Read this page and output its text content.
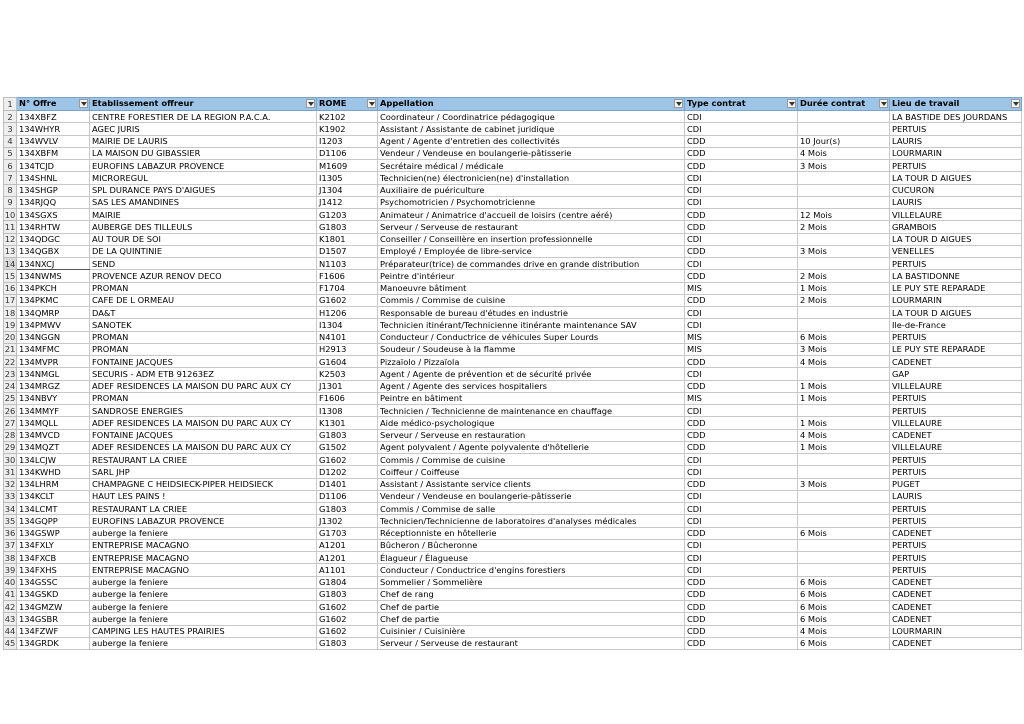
1	N° Offre	Etablissement offreur	ROME	Appellation	Type contrat	Durée contrat	Lieu de travail

2	134XBFZ	CENTRE FORESTIER DE LA REGION P.A.C.A.	K2102	Coordinateur / Coordinatrice pédagogique	CDI		LA BASTIDE DES JOURDANS
3	134WHYR	AGEC JURIS	K1902	Assistant / Assistante de cabinet juridique	CDI		PERTUIS
4	134WVLV	MAIRIE DE LAURIS	I1203	Agent / Agente d'entretien des collectivités	CDD	10 Jour(s)	LAURIS
5	134XBFM	LA MAISON DU GIBASSIER	D1106	Vendeur / Vendeuse en boulangerie-pâtisserie	CDD	4 Mois	LOURMARIN
6	134TCJD	EUROFINS LABAZUR PROVENCE	M1609	Secrétaire médical / médicale	CDD	3 Mois	PERTUIS
7	134SHNL	MICROREGUL	I1305	Technicien(ne) électronicien(ne) d'installation	CDI		LA TOUR D AIGUES
8	134SHGP	SPL DURANCE PAYS D'AIGUES	J1304	Auxiliaire de puériculture	CDI		CUCURON
9	134RJQQ	SAS LES AMANDINES	J1412	Psychomotricien / Psychomotricienne	CDI		LAURIS
10	134SGXS	MAIRIE	G1203	Animateur / Animatrice d'accueil de loisirs (centre aéré)	CDD	12 Mois	VILLELAURE
11	134RHTW	AUBERGE DES TILLEULS	G1803	Serveur / Serveuse de restaurant	CDD	2 Mois	GRAMBOIS
12	134QDGC	AU TOUR DE SOI	K1801	Conseiller / Conseillère en insertion professionnelle	CDI		LA TOUR D AIGUES
13	134QGBX	DE LA QUINTINIE	D1507	Employé / Employée de libre-service	CDD	3 Mois	VENELLES
14	134NXCJ	SEND	N1103	Préparateur(trice) de commandes drive en grande distribution	CDI		PERTUIS
15	134NWMS	PROVENCE AZUR RENOV DECO	F1606	Peintre d'intérieur	CDD	2 Mois	LA BASTIDONNE
16	134PKCH	PROMAN	F1704	Manoeuvre bâtiment	MIS	1 Mois	LE PUY STE REPARADE
17	134PKMC	CAFE DE L ORMEAU	G1602	Commis / Commise de cuisine	CDD	2 Mois	LOURMARIN
18	134QMRP	DA&T	H1206	Responsable de bureau d'études en industrie	CDI		LA TOUR D AIGUES
19	134PMWV	SANOTEK	I1304	Technicien itinérant/Technicienne itinérante maintenance SAV	CDI		Ile-de-France
20	134NGGN	PROMAN	N4101	Conducteur / Conductrice de véhicules Super Lourds	MIS	6 Mois	PERTUIS
21	134MFMC	PROMAN	H2913	Soudeur / Soudeuse à la flamme	MIS	3 Mois	LE PUY STE REPARADE
22	134MVPR	FONTAINE JACQUES	G1604	Pizzaïolo / Pizzaïola	CDD	4 Mois	CADENET
23	134NMGL	SECURIS - ADM ETB 91263EZ	K2503	Agent / Agente de prévention et de sécurité privée	CDI		GAP
24	134MRGZ	ADEF RESIDENCES LA MAISON DU PARC AUX CY	J1301	Agent / Agente des services hospitaliers	CDD	1 Mois	VILLELAURE
25	134NBVY	PROMAN	F1606	Peintre en bâtiment	MIS	1 Mois	PERTUIS
26	134MMYF	SANDROSE ENERGIES	I1308	Technicien / Technicienne de maintenance en chauffage	CDI		PERTUIS
27	134MQLL	ADEF RESIDENCES LA MAISON DU PARC AUX CY	K1301	Aide médico-psychologique	CDD	1 Mois	VILLELAURE
28	134MVCD	FONTAINE JACQUES	G1803	Serveur / Serveuse en restauration	CDD	4 Mois	CADENET
29	134MQZT	ADEF RESIDENCES LA MAISON DU PARC AUX CY	G1502	Agent polyvalent / Agente polyvalente d'hôtellerie	CDD	1 Mois	VILLELAURE
30	134LCJW	RESTAURANT LA CRIEE	G1602	Commis / Commise de cuisine	CDI		PERTUIS
31	134KWHD	SARL JHP	D1202	Coiffeur / Coiffeuse	CDI		PERTUIS
32	134LHRM	CHAMPAGNE C HEIDSIECK-PIPER HEIDSIECK	D1401	Assistant / Assistante service clients	CDD	3 Mois	PUGET
33	134KCLT	HAUT LES PAINS !	D1106	Vendeur / Vendeuse en boulangerie-pâtisserie	CDI		LAURIS
34	134LCMT	RESTAURANT LA CRIEE	G1803	Commis / Commise de salle	CDI		PERTUIS
35	134GQPP	EUROFINS LABAZUR PROVENCE	J1302	Technicien/Technicienne de laboratoires d'analyses médicales	CDI		PERTUIS
36	134GSWP	auberge la feniere	G1703	Réceptionniste en hôtellerie	CDD	6 Mois	CADENET
37	134FXLY	ENTREPRISE MACAGNO	A1201	Bûcheron / Bûcheronne	CDI		PERTUIS
38	134FXCB	ENTREPRISE MACAGNO	A1201	Élagueur / Élagueuse	CDI		PERTUIS
39	134FXHS	ENTREPRISE MACAGNO	A1101	Conducteur / Conductrice d'engins forestiers	CDI		PERTUIS
40	134GSSC	auberge la feniere	G1804	Sommelier / Sommelière	CDD	6 Mois	CADENET
41	134GSKD	auberge la feniere	G1803	Chef de rang	CDD	6 Mois	CADENET
42	134GMZW	auberge la feniere	G1602	Chef de partie	CDD	6 Mois	CADENET
43	134GSBR	auberge la feniere	G1602	Chef de partie	CDD	6 Mois	CADENET
44	134FZWF	CAMPING LES HAUTES PRAIRIES	G1602	Cuisinier / Cuisinière	CDD	4 Mois	LOURMARIN
45	134GRDK	auberge la feniere	G1803	Serveur / Serveuse de restaurant	CDD	6 Mois	CADENET
